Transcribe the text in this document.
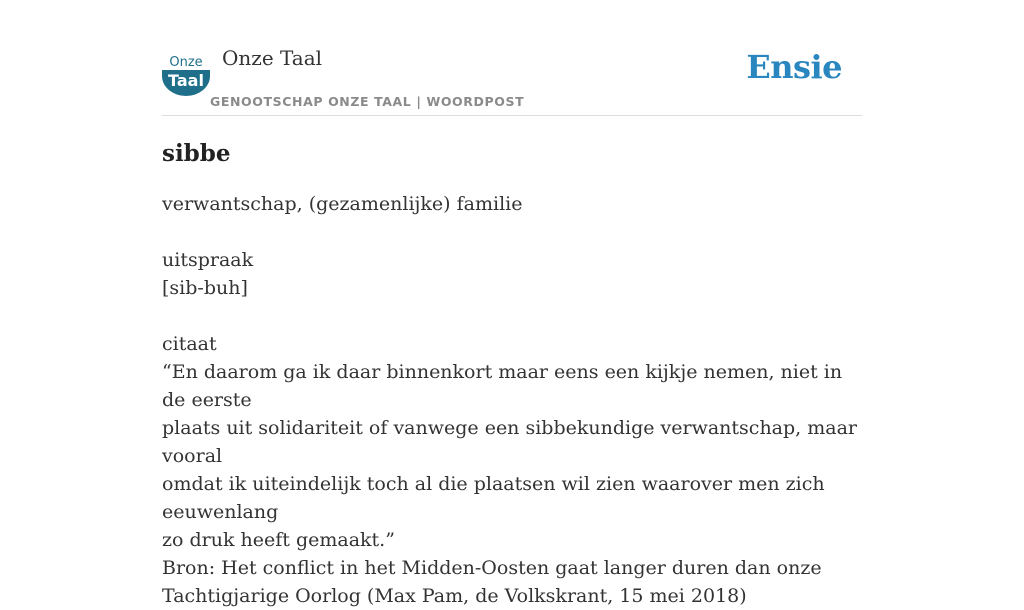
Onze
Taal
Onze Taal
GENOOTSCHAP ONZE TAAL | WOORDPOST
Ensie
sibbe

verwantschap, (gezamenlijke) familie

uitspraak

[sib-buh]

citaat

“En daarom ga ik daar binnenkort maar eens een kijkje nemen, niet in de eerste

plaats uit solidariteit of vanwege een sibbekundige verwantschap, maar vooral

omdat ik uiteindelijk toch al die plaatsen wil zien waarover men zich eeuwenlang

zo druk heeft gemaakt.”

Bron: Het conflict in het Midden-Oosten gaat langer duren dan onze

Tachtigjarige Oorlog (Max Pam, de Volkskrant, 15 mei 2018)
